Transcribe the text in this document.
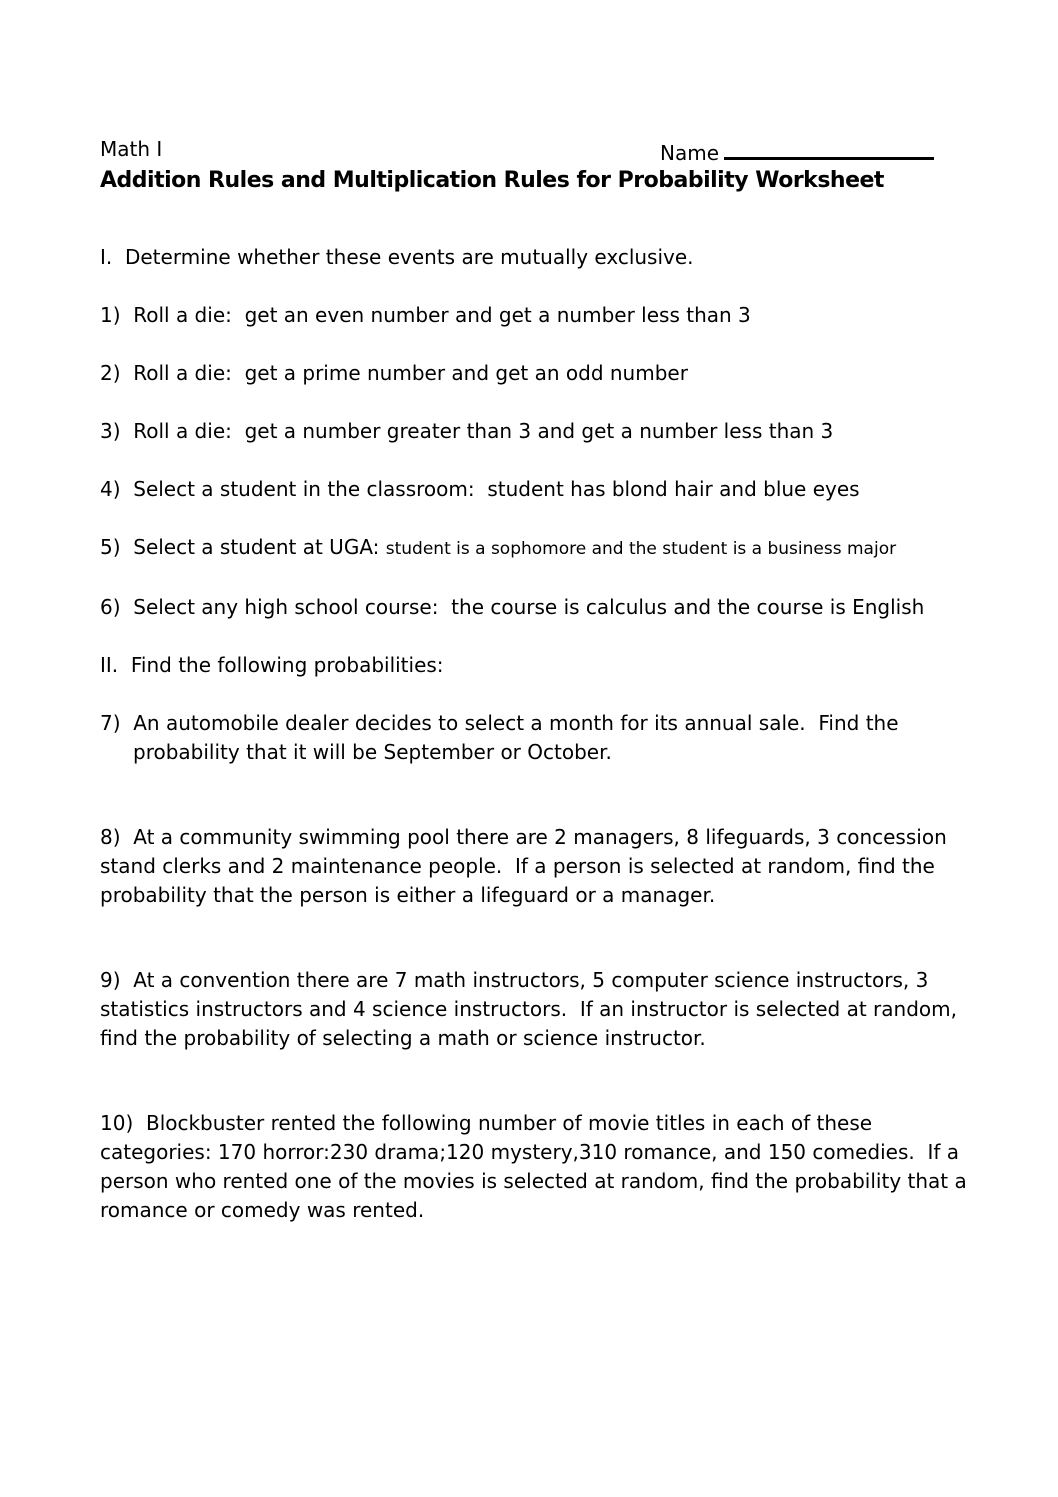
Math I	Name
Addition Rules and Multiplication Rules for Probability Worksheet

I.  Determine whether these events are mutually exclusive.

1)  Roll a die:  get an even number and get a number less than 3

2)  Roll a die:  get a prime number and get an odd number

3)  Roll a die:  get a number greater than 3 and get a number less than 3

4)  Select a student in the classroom:  student has blond hair and blue eyes

5)  Select a student at UGA: student is a sophomore and the student is a business major

6)  Select any high school course:  the course is calculus and the course is English

II.  Find the following probabilities:

7)  An automobile dealer decides to select a month for its annual sale.  Find the probability that it will be September or October.

8)  At a community swimming pool there are 2 managers, 8 lifeguards, 3 concession stand clerks and 2 maintenance people.  If a person is selected at random, find the probability that the person is either a lifeguard or a manager.

9)  At a convention there are 7 math instructors, 5 computer science instructors, 3 statistics instructors and 4 science instructors.  If an instructor is selected at random, find the probability of selecting a math or science instructor.

10)  Blockbuster rented the following number of movie titles in each of these categories: 170 horror:230 drama;120 mystery,310 romance, and 150 comedies.  If a person who rented one of the movies is selected at random, find the probability that a romance or comedy was rented.
